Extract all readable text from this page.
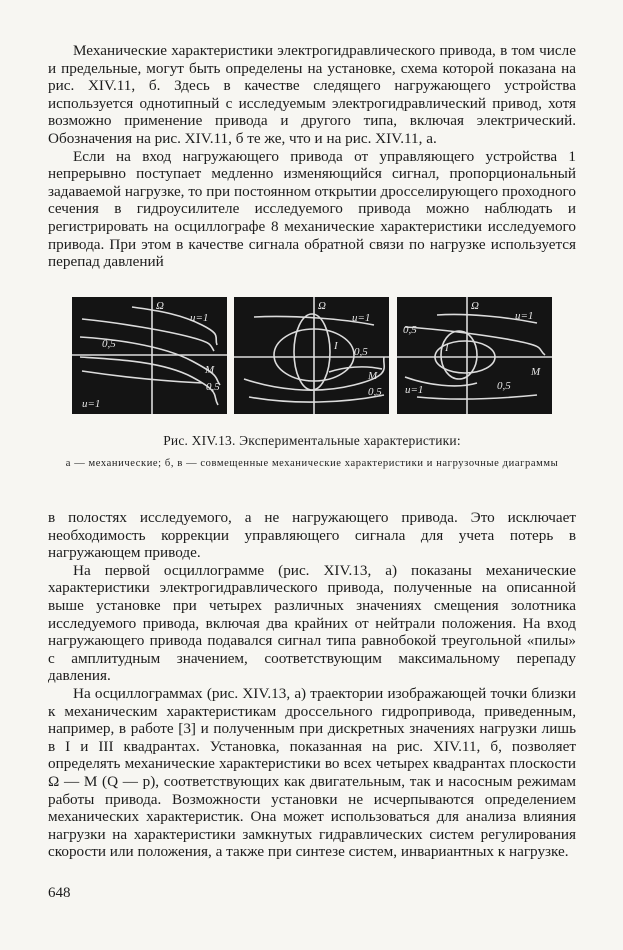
Механические характеристики электрогидравлического привода, в том числе и предельные, могут быть определены на установке, схема которой показана на рис. XIV.11, б. Здесь в качестве следящего нагружающего устройства используется однотипный с исследуемым электрогидравлический привод, хотя возможно применение привода и другого типа, включая электрический. Обозначения на рис. XIV.11, б те же, что и на рис. XIV.11, а.

Если на вход нагружающего привода от управляющего устройства 1 непрерывно поступает медленно изменяющийся сигнал, пропорциональный задаваемой нагрузке, то при постоянном открытии дросселирующего проходного сечения в гидроусилителе исследуемого привода можно наблюдать и регистрировать на осциллографе 8 механические характеристики исследуемого привода. При этом в качестве сигнала обратной связи по нагрузке используется перепад давлений

Ω
u=1
0,5
M
0,5
u=1
Ω
u=1
I 0,5
M
0,5
Ω
u=1
0,5
I
M
u=1	0,5
Рис. XIV.13. Экспериментальные характеристики:
а — механические; б, в — совмещенные механические характеристики и нагрузочные диаграммы

в полостях исследуемого, а не нагружающего привода. Это исключает необходимость коррекции управляющего сигнала для учета потерь в нагружающем приводе.

На первой осциллограмме (рис. XIV.13, а) показаны механические характеристики электрогидравлического привода, полученные на описанной выше установке при четырех различных значениях смещения золотника исследуемого привода, включая два крайних от нейтрали положения. На вход нагружающего привода подавался сигнал типа равнобокой треугольной «пилы» с амплитудным значением, соответствующим максимальному перепаду давления.

На осциллограммах (рис. XIV.13, а) траектории изображающей точки близки к механическим характеристикам дроссельного гидропривода, приведенным, например, в работе [3] и полученным при дискретных значениях нагрузки лишь в I и III квадрантах. Установка, показанная на рис. XIV.11, б, позволяет определять механические характеристики во всех четырех квадрантах плоскости Ω — M (Q — p), соответствующих как двигательным, так и насосным режимам работы привода. Возможности установки не исчерпываются определением механических характеристик. Она может использоваться для анализа влияния нагрузки на характеристики замкнутых гидравлических систем регулирования скорости или положения, а также при синтезе систем, инвариантных к нагрузке.

648
